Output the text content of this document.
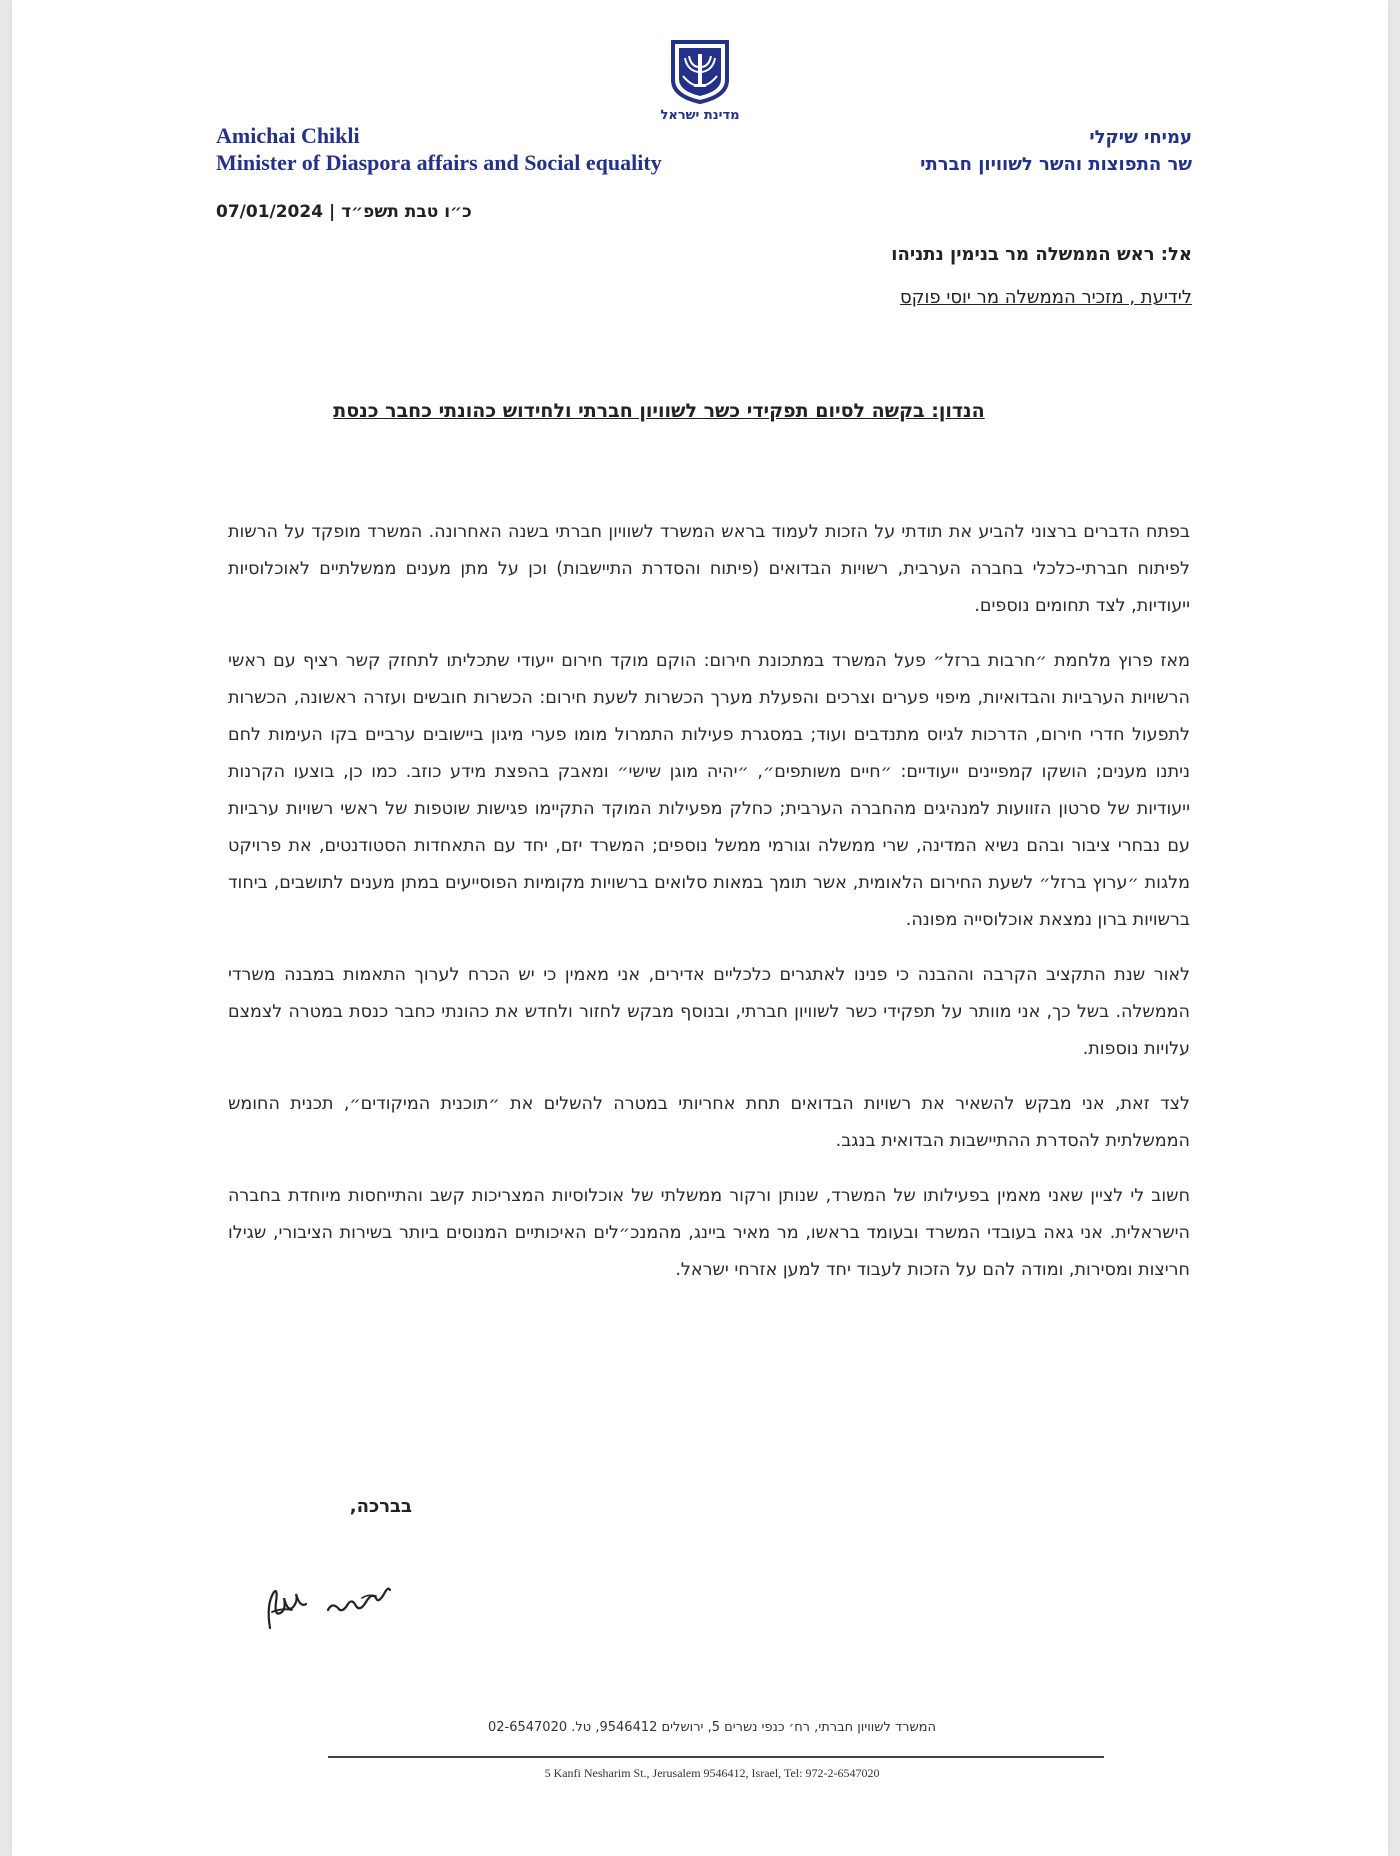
מדינת ישראל
Amichai Chikli
Minister of Diaspora affairs and Social equality
עמיחי שיקלי
שר התפוצות והשר לשוויון חברתי
כ״ו טבת תשפ״ד | 07/01/2024
אל: ראש הממשלה מר בנימין נתניהו
לידיעת , מזכיר הממשלה מר יוסי פוקס
הנדון: בקשה לסיום תפקידי כשר לשוויון חברתי ולחידוש כהונתי כחבר כנסת

בפתח הדברים ברצוני להביע את תודתי על הזכות לעמוד בראש המשרד לשוויון חברתי בשנה האחרונה. המשרד מופקד על הרשות לפיתוח חברתי-כלכלי בחברה הערבית, רשויות הבדואים (פיתוח והסדרת התיישבות) וכן על מתן מענים ממשלתיים לאוכלוסיות ייעודיות, לצד תחומים נוספים.

מאז פרוץ מלחמת ״חרבות ברזל״ פעל המשרד במתכונת חירום: הוקם מוקד חירום ייעודי שתכליתו לתחזק קשר רציף עם ראשי הרשויות הערביות והבדואיות, מיפוי פערים וצרכים והפעלת מערך הכשרות לשעת חירום: הכשרות חובשים ועזרה ראשונה, הכשרות לתפעול חדרי חירום, הדרכות לגיוס מתנדבים ועוד; במסגרת פעילות התמרול מומו פערי מיגון ביישובים ערביים בקו העימות לחם ניתנו מענים; הושקו קמפיינים ייעודיים: ״חיים משותפים״, ״יהיה מוגן שישי״ ומאבק בהפצת מידע כוזב. כמו כן, בוצעו הקרנות ייעודיות של סרטון הזוועות למנהיגים מהחברה הערבית; כחלק מפעילות המוקד התקיימו פגישות שוטפות של ראשי רשויות ערביות עם נבחרי ציבור ובהם נשיא המדינה, שרי ממשלה וגורמי ממשל נוספים; המשרד יזם, יחד עם התאחדות הסטודנטים, את פרויקט מלגות ״ערוץ ברזל״ לשעת החירום הלאומית, אשר תומך במאות סלואים ברשויות מקומיות הפוסייעים במתן מענים לתושבים, ביחוד ברשויות ברון נמצאת אוכלוסייה מפונה.

לאור שנת התקציב הקרבה וההבנה כי פנינו לאתגרים כלכליים אדירים, אני מאמין כי יש הכרח לערוך התאמות במבנה משרדי הממשלה. בשל כך, אני מוותר על תפקידי כשר לשוויון חברתי, ובנוסף מבקש לחזור ולחדש את כהונתי כחבר כנסת במטרה לצמצם עלויות נוספות.

לצד זאת, אני מבקש להשאיר את רשויות הבדואים תחת אחריותי במטרה להשלים את ״תוכנית המיקודים״, תכנית החומש הממשלתית להסדרת ההתיישבות הבדואית בנגב.

חשוב לי לציין שאני מאמין בפעילותו של המשרד, שנותן ורקור ממשלתי של אוכלוסיות המצריכות קשב והתייחסות מיוחדת בחברה הישראלית. אני גאה בעובדי המשרד ובעומד בראשו, מר מאיר ביינג, מהמנכ״לים האיכותיים המנוסים ביותר בשירות הציבורי, שגילו חריצות ומסירות, ומודה להם על הזכות לעבוד יחד למען אזרחי ישראל.

בברכה,
המשרד לשוויון חברתי, רח׳ כנפי נשרים 5, ירושלים 9546412, טל. 02-6547020
5 Kanfi Nesharim St., Jerusalem 9546412, Israel, Tel: 972-2-6547020
